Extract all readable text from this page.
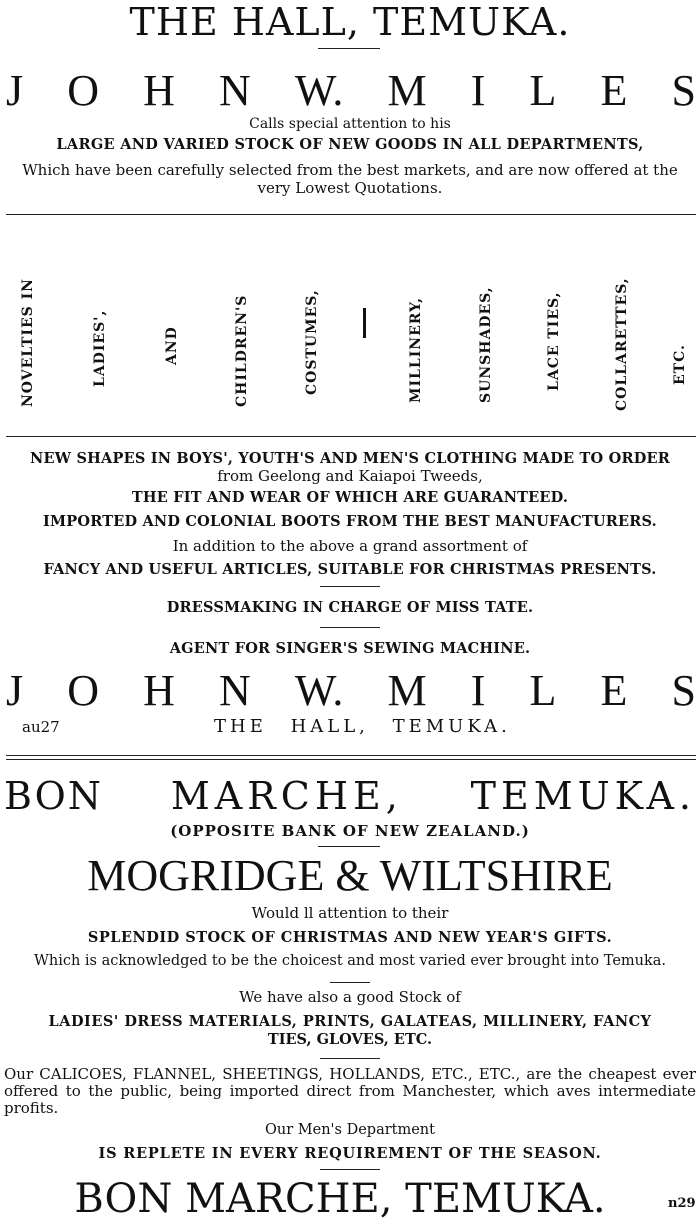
THE HALL, TEMUKA.
J O H N W. M I L E S
Calls special attention to his
LARGE AND VARIED STOCK OF NEW GOODS IN ALL DEPARTMENTS,
Which have been carefully selected from the best markets, and are now offered at the
very Lowest Quotations.
NOVELTIES IN	LADIES',	AND	CHILDREN'S	COSTUMES,	MILLINERY,	SUNSHADES,	LACE TIES,	COLLARETTES,	ETC.
NEW SHAPES IN BOYS', YOUTH'S AND MEN'S CLOTHING MADE TO ORDER
from Geelong and Kaiapoi Tweeds,
THE FIT AND WEAR OF WHICH ARE GUARANTEED.
IMPORTED AND COLONIAL BOOTS FROM THE BEST MANUFACTURERS.
In addition to the above a grand assortment of
FANCY AND USEFUL ARTICLES, SUITABLE FOR CHRISTMAS PRESENTS.
DRESSMAKING IN CHARGE OF MISS TATE.
AGENT FOR SINGER'S SEWING MACHINE.
J O H N W. M I L E S
au27	THE HALL, TEMUKA.
BON MARCHE, TEMUKA.
(OPPOSITE BANK OF NEW ZEALAND.)
MOGRIDGE & WILTSHIRE
Would ll attention to their
SPLENDID STOCK OF CHRISTMAS AND NEW YEAR'S GIFTS.
Which is acknowledged to be the choicest and most varied ever brought into Temuka.
We have also a good Stock of
LADIES' DRESS MATERIALS, PRINTS, GALATEAS, MILLINERY, FANCY
TIES, GLOVES, ETC.
Our CALICOES, FLANNEL, SHEETINGS, HOLLANDS, ETC., ETC., are the cheapest ever offered to the public, being imported direct from Manchester, which aves intermediate profits.
Our Men's Department
IS REPLETE IN EVERY REQUIREMENT OF THE SEASON.
BON MARCHE, TEMUKA.	n29
